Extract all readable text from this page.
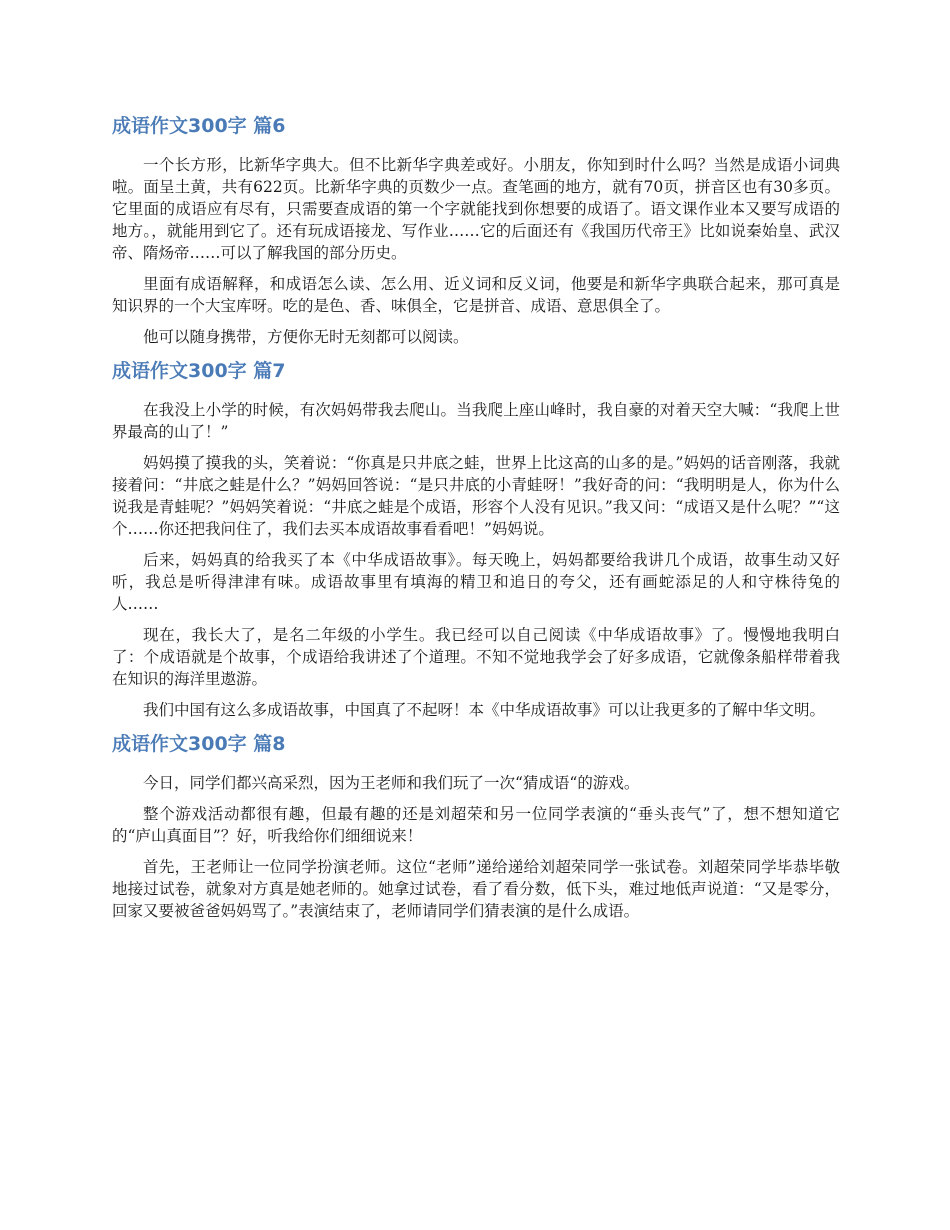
成语作文300字 篇6

一个长方形，比新华字典大。但不比新华字典差或好。小朋友，你知到时什么吗？当然是成语小词典啦。面呈土黄，共有622页。比新华字典的页数少一点。查笔画的地方，就有70页，拼音区也有30多页。它里面的成语应有尽有，只需要查成语的第一个字就能找到你想要的成语了。语文课作业本又要写成语的地方。，就能用到它了。还有玩成语接龙、写作业……它的后面还有《我国历代帝王》比如说秦始皇、武汉帝、隋炀帝……可以了解我国的部分历史。

里面有成语解释，和成语怎么读、怎么用、近义词和反义词，他要是和新华字典联合起来，那可真是知识界的一个大宝库呀。吃的是色、香、味俱全，它是拼音、成语、意思俱全了。

他可以随身携带，方便你无时无刻都可以阅读。

成语作文300字 篇7

在我没上小学的时候，有次妈妈带我去爬山。当我爬上座山峰时，我自豪的对着天空大喊：“我爬上世界最高的山了！”

妈妈摸了摸我的头，笑着说：“你真是只井底之蛙，世界上比这高的山多的是。”妈妈的话音刚落，我就接着问：“井底之蛙是什么？”妈妈回答说：“是只井底的小青蛙呀！”我好奇的问：“我明明是人，你为什么说我是青蛙呢？”妈妈笑着说：“井底之蛙是个成语，形容个人没有见识。”我又问：“成语又是什么呢？”“这个……你还把我问住了，我们去买本成语故事看看吧！”妈妈说。

后来，妈妈真的给我买了本《中华成语故事》。每天晚上，妈妈都要给我讲几个成语，故事生动又好听，我总是听得津津有味。成语故事里有填海的精卫和追日的夸父，还有画蛇添足的人和守株待兔的人……

现在，我长大了，是名二年级的小学生。我已经可以自己阅读《中华成语故事》了。慢慢地我明白了：个成语就是个故事，个成语给我讲述了个道理。不知不觉地我学会了好多成语，它就像条船样带着我在知识的海洋里遨游。

我们中国有这么多成语故事，中国真了不起呀！本《中华成语故事》可以让我更多的了解中华文明。

成语作文300字 篇8

今日，同学们都兴高采烈，因为王老师和我们玩了一次“猜成语“的游戏。

整个游戏活动都很有趣，但最有趣的还是刘超荣和另一位同学表演的“垂头丧气”了，想不想知道它的“庐山真面目”？好，听我给你们细细说来！

首先，王老师让一位同学扮演老师。这位“老师”递给递给刘超荣同学一张试卷。刘超荣同学毕恭毕敬地接过试卷，就象对方真是她老师的。她拿过试卷，看了看分数，低下头，难过地低声说道：“又是零分，回家又要被爸爸妈妈骂了。”表演结束了，老师请同学们猜表演的是什么成语。
